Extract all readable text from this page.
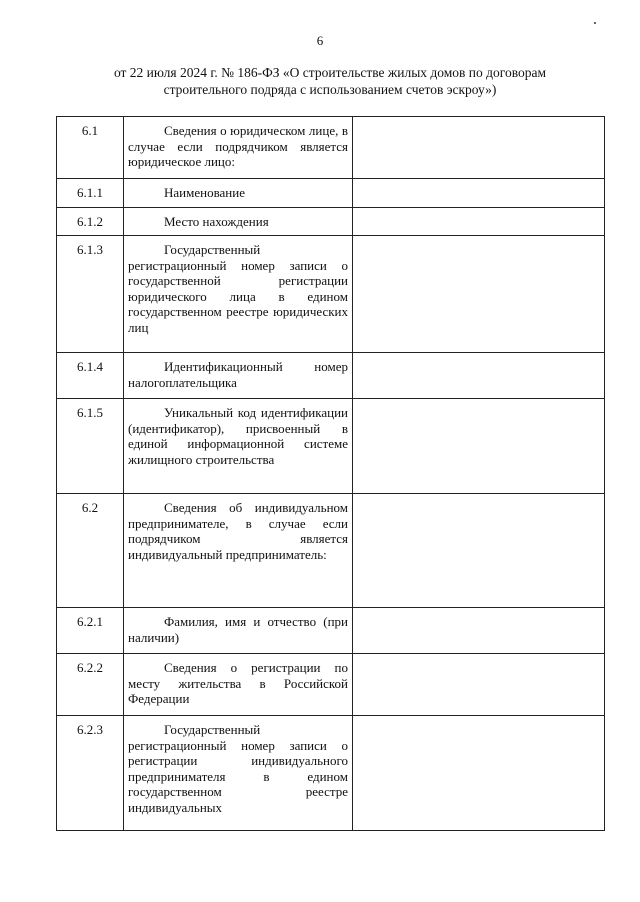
6
от 22 июля 2024 г. № 186-ФЗ «О строительстве жилых домов по договорам
строительного подряда с использованием счетов эскроу»)
6.1	Сведения о юридическом лице, в случае если подрядчиком является юридическое лицо:	
6.1.1	Наименование	
6.1.2	Место нахождения	
6.1.3	Государственный регистрационный номер записи о государственной регистрации юридического лица в едином государственном реестре юридических лиц	
6.1.4	Идентификационный номер налогоплательщика	
6.1.5	Уникальный код идентификации (идентификатор), присвоенный в единой информационной системе жилищного строительства	
6.2	Сведения об индивидуальном предпринимателе, в случае если подрядчиком является индивидуальный предприниматель:	
6.2.1	Фамилия, имя и отчество (при наличии)	
6.2.2	Сведения о регистрации по месту жительства в Российской Федерации	
6.2.3	Государственный регистрационный номер записи о регистрации индивидуального предпринимателя в едином государственном реестре индивидуальных	
